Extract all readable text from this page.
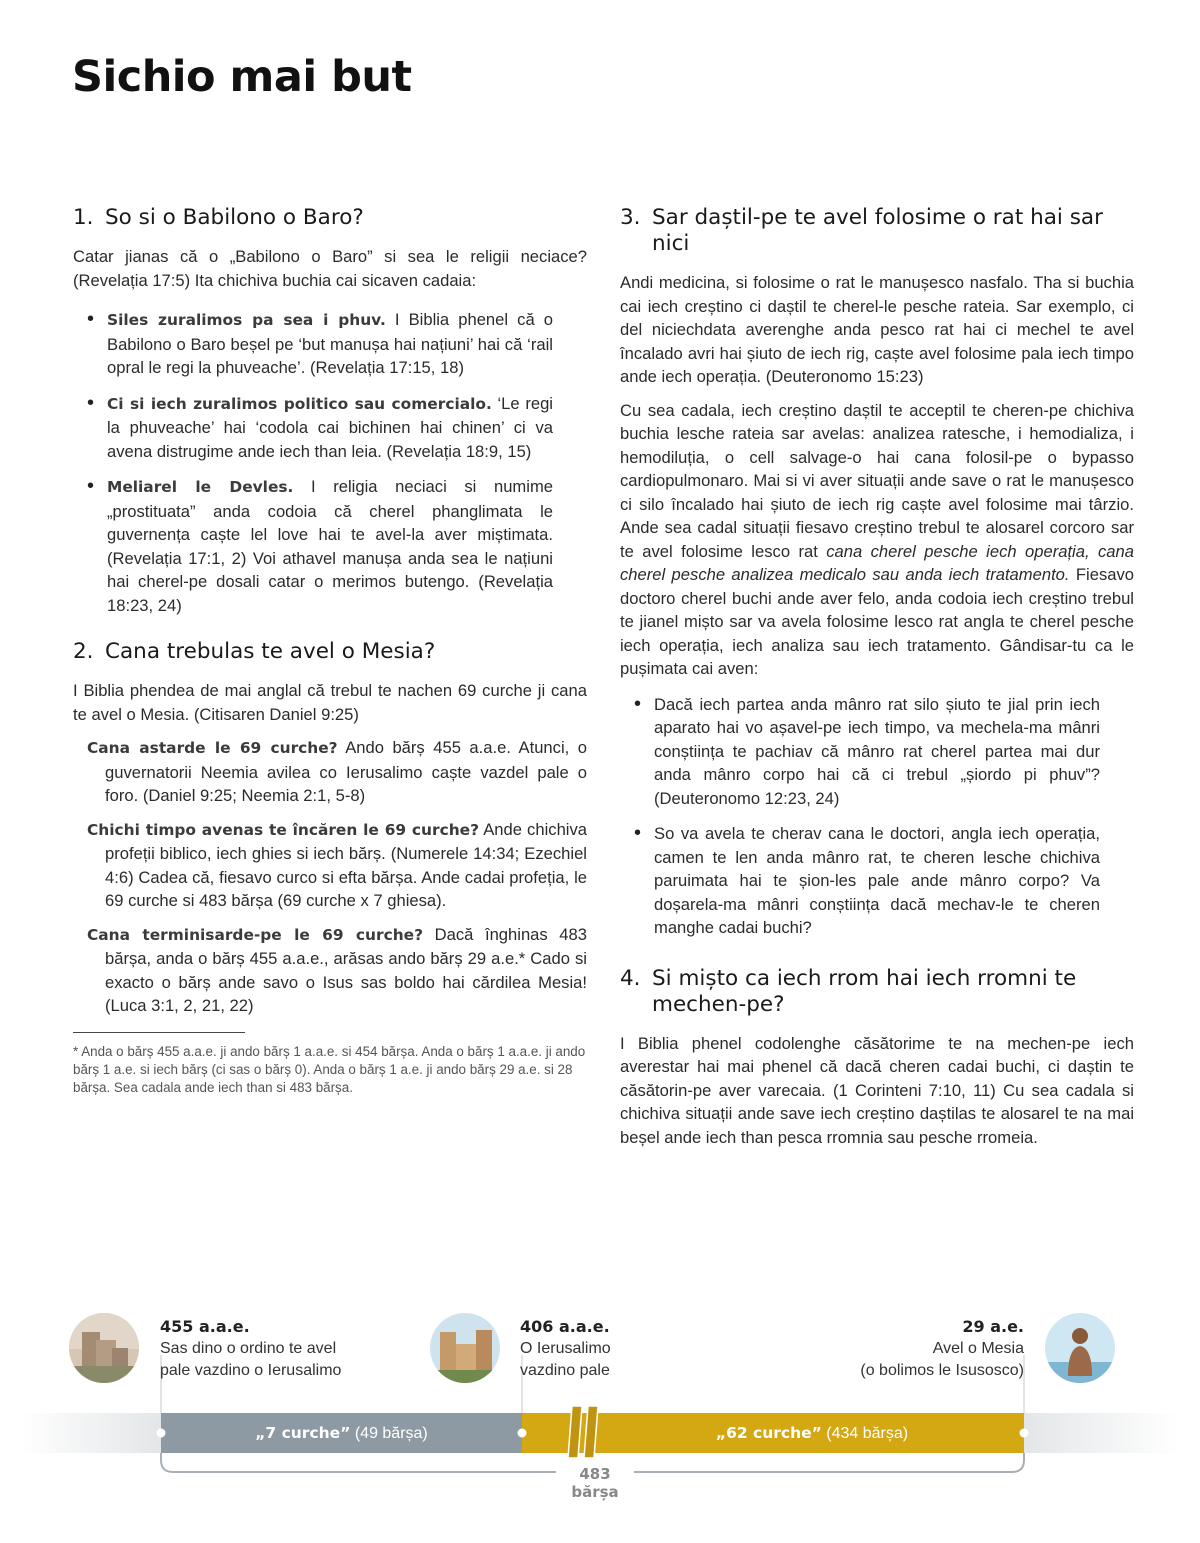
Sichio mai but
1. So si o Babilono o Baro?

Catar jianas că o „Babilono o Baro” si sea le religii neciace? (Revelația 17:5) Ita chichiva buchia cai sicaven cadaia:

• Siles zuralimos pa sea i phuv. I Biblia phenel că o Babilono o Baro beșel pe ‘but manușa hai națiuni’ hai că ‘rail opral le regi la phuveache’. (Revelația 17:15, 18)
• Ci si iech zuralimos politico sau comercialo. ‘Le regi la phuveache’ hai ‘codola cai bichinen hai chinen’ ci va avena distrugime ande iech than leia. (Revelația 18:9, 15)
• Meliarel le Devles. I religia neciaci si numime „prostituata” anda codoia că cherel phanglimata le guvernența caște lel love hai te avel-la aver miștimata. (Revelația 17:1, 2) Voi athavel manușa anda sea le națiuni hai cherel-pe dosali catar o merimos butengo. (Revelația 18:23, 24)
2. Cana trebulas te avel o Mesia?

I Biblia phendea de mai anglal că trebul te nachen 69 curche ji cana te avel o Mesia. (Citisaren Daniel 9:25)

Cana astarde le 69 curche? Ando bărș 455 a.a.e. Atunci, o guvernatorii Neemia avilea co Ierusalimo caște vazdel pale o foro. (Daniel 9:25; Neemia 2:1, 5-8)

Chichi timpo avenas te încăren le 69 curche? Ande chichiva profeții biblico, iech ghies si iech bărș. (Numerele 14:34; Ezechiel 4:6) Cadea că, fiesavo curco si efta bărșa. Ande cadai profeția, le 69 curche si 483 bărșa (69 curche x 7 ghiesa).

Cana terminisarde-pe le 69 curche? Dacă înghinas 483 bărșa, anda o bărș 455 a.a.e., arăsas ando bărș 29 a.e.* Cado si exacto o bărș ande savo o Isus sas boldo hai cărdilea Mesia! (Luca 3:1, 2, 21, 22)

* Anda o bărș 455 a.a.e. ji ando bărș 1 a.a.e. si 454 bărșa. Anda o bărș 1 a.a.e. ji ando bărș 1 a.e. si iech bărș (ci sas o bărș 0). Anda o bărș 1 a.e. ji ando bărș 29 a.e. si 28 bărșa. Sea cadala ande iech than si 483 bărșa.
3. Sar daștil-pe te avel folosime o rat hai sar nici

Andi medicina, si folosime o rat le manușesco nasfalo. Tha si buchia cai iech creștino ci daștil te cherel-le pesche rateia. Sar exemplo, ci del niciechdata averenghe anda pesco rat hai ci mechel te avel încalado avri hai șiuto de iech rig, caște avel folosime pala iech timpo ande iech operația. (Deuteronomo 15:23)

Cu sea cadala, iech creștino daștil te acceptil te cheren-pe chichiva buchia lesche rateia sar avelas: analizea ratesche, i hemodializa, i hemodiluția, o cell salvage-o hai cana folosil-pe o bypasso cardiopulmonaro. Mai si vi aver situații ande save o rat le manușesco ci silo încalado hai șiuto de iech rig caște avel folosime mai târzio. Ande sea cadal situații fiesavo creștino trebul te alosarel corcoro sar te avel folosime lesco rat cana cherel pesche iech operația, cana cherel pesche analizea medicalo sau anda iech tratamento. Fiesavo doctoro cherel buchi ande aver felo, anda codoia iech creștino trebul te jianel mișto sar va avela folosime lesco rat angla te cherel pesche iech operația, iech analiza sau iech tratamento. Gândisar-tu ca le pușimata cai aven:

• Dacă iech partea anda mânro rat silo șiuto te jial prin iech aparato hai vo așavel-pe iech timpo, va mechela-ma mânri conștiința te pachiav că mânro rat cherel partea mai dur anda mânro corpo hai că ci trebul „șiordo pi phuv”? (Deuteronomo 12:23, 24)
• So va avela te cherav cana le doctori, angla iech operația, camen te len anda mânro rat, te cheren lesche chichiva paruimata hai te șion-les pale ande mânro corpo? Va doșarela-ma mânri conștiința dacă mechav-le te cheren manghe cadai buchi?
4. Si mișto ca iech rrom hai iech rromni te mechen-pe?

I Biblia phenel codolenghe căsătorime te na mechen-pe iech averestar hai mai phenel că dacă cheren cadai buchi, ci daștin te căsătorin-pe aver varecaia. (1 Corinteni 7:10, 11) Cu sea cadala si chichiva situații ande save iech creștino daștilas te alosarel te na mai beșel ande iech than pesca rromnia sau pesche rromeia.

455 a.a.e.
Sas dino o ordino te avel
pale vazdino o Ierusalimo
406 a.a.e.
O Ierusalimo
vazdino pale
29 a.e.
Avel o Mesia
(o bolimos le Isusosco)
„7 curche” (49 bărșa)	„62 curche” (434 bărșa)
483 bărșa
